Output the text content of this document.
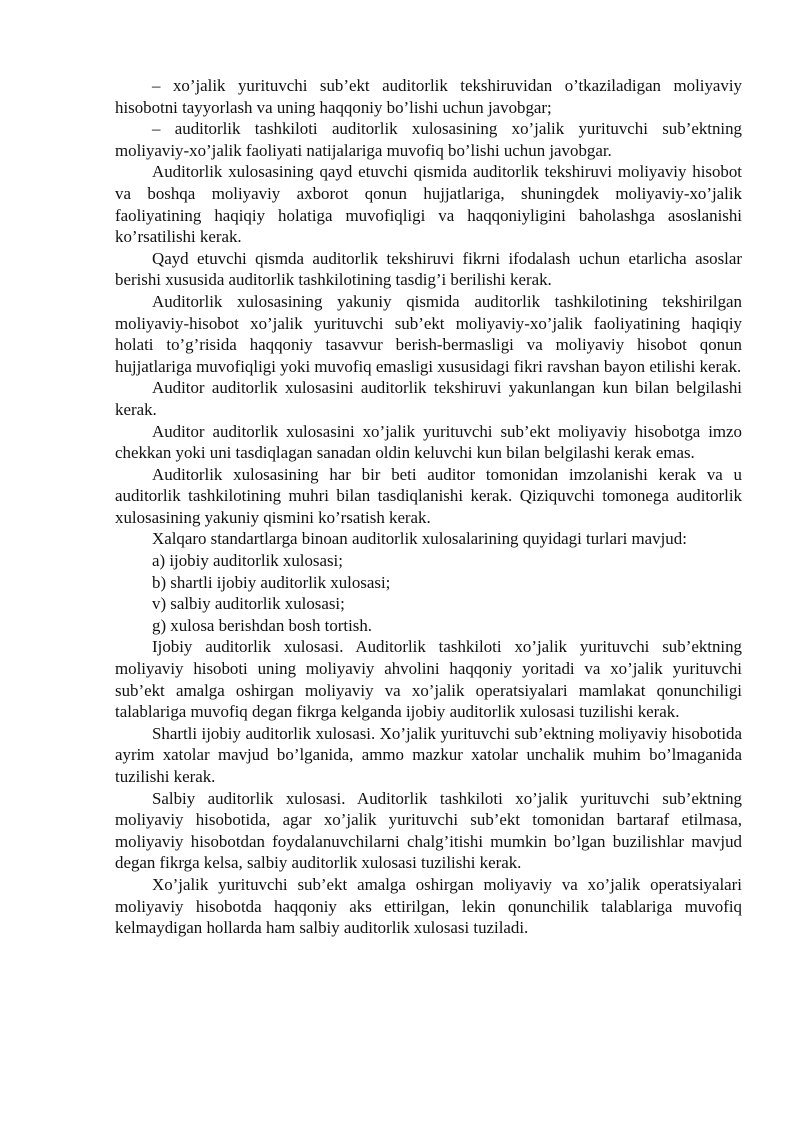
– xo’jalik yurituvchi sub’ekt auditorlik tekshiruvidan o’tkaziladigan moliyaviy hisobotni tayyorlash va uning haqqoniy bo’lishi uchun javobgar;

– auditorlik tashkiloti auditorlik xulosasining xo’jalik yurituvchi sub’ektning moliyaviy-xo’jalik faoliyati natijalariga muvofiq bo’lishi uchun javobgar.

Auditorlik xulosasining qayd etuvchi qismida auditorlik tekshiruvi moliyaviy hisobot va boshqa moliyaviy axborot qonun hujjatlariga, shuningdek moliyaviy-xo’jalik faoliyatining haqiqiy holatiga muvofiqligi va haqqoniyligini baholashga asoslanishi ko’rsatilishi kerak.

Qayd etuvchi qismda auditorlik tekshiruvi fikrni ifodalash uchun etarlicha asoslar berishi xususida auditorlik tashkilotining tasdig’i berilishi kerak.

Auditorlik xulosasining yakuniy qismida auditorlik tashkilotining tekshirilgan moliyaviy-hisobot xo’jalik yurituvchi sub’ekt moliyaviy-xo’jalik faoliyatining haqiqiy holati to’g’risida haqqoniy tasavvur berish-bermasligi va moliyaviy hisobot qonun hujjatlariga muvofiqligi yoki muvofiq emasligi xususidagi fikri ravshan bayon etilishi kerak.

Auditor auditorlik xulosasini auditorlik tekshiruvi yakunlangan kun bilan belgilashi kerak.

Auditor auditorlik xulosasini xo’jalik yurituvchi sub’ekt moliyaviy hisobotga imzo chekkan yoki uni tasdiqlagan sanadan oldin keluvchi kun bilan belgilashi kerak emas.

Auditorlik xulosasining har bir beti auditor tomonidan imzolanishi kerak va u auditorlik tashkilotining muhri bilan tasdiqlanishi kerak. Qiziquvchi tomonega auditorlik xulosasining yakuniy qismini ko’rsatish kerak.

Xalqaro standartlarga binoan auditorlik xulosalarining quyidagi turlari mavjud:

a) ijobiy auditorlik xulosasi;

b) shartli ijobiy auditorlik xulosasi;

v) salbiy auditorlik xulosasi;

g) xulosa berishdan bosh tortish.

Ijobiy auditorlik xulosasi. Auditorlik tashkiloti xo’jalik yurituvchi sub’ektning moliyaviy hisoboti uning moliyaviy ahvolini haqqoniy yoritadi va xo’jalik yurituvchi sub’ekt amalga oshirgan moliyaviy va xo’jalik operatsiyalari mamlakat qonunchiligi talablariga muvofiq degan fikrga kelganda ijobiy auditorlik xulosasi tuzilishi kerak.

Shartli ijobiy auditorlik xulosasi. Xo’jalik yurituvchi sub’ektning moliyaviy hisobotida ayrim xatolar mavjud bo’lganida, ammo mazkur xatolar unchalik muhim bo’lmaganida tuzilishi kerak.

Salbiy auditorlik xulosasi. Auditorlik tashkiloti xo’jalik yurituvchi sub’ektning moliyaviy hisobotida, agar xo’jalik yurituvchi sub’ekt tomonidan bartaraf etilmasa, moliyaviy hisobotdan foydalanuvchilarni chalg’itishi mumkin bo’lgan buzilishlar mavjud degan fikrga kelsa, salbiy auditorlik xulosasi tuzilishi kerak.

Xo’jalik yurituvchi sub’ekt amalga oshirgan moliyaviy va xo’jalik operatsiyalari moliyaviy hisobotda haqqoniy aks ettirilgan, lekin qonunchilik talablariga muvofiq kelmaydigan hollarda ham salbiy auditorlik xulosasi tuziladi.
